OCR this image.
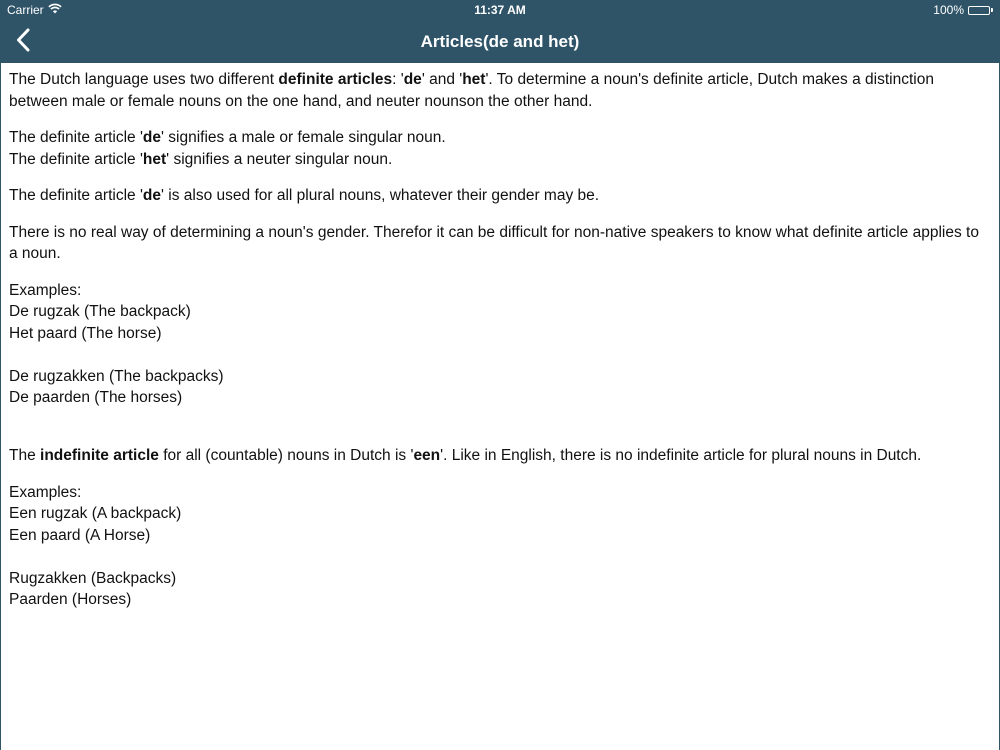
Carrier	11:37 AM	100%
Articles(de and het)

The Dutch language uses two different definite articles: 'de' and 'het'. To determine a noun's definite article, Dutch makes a distinction between male or female nouns on the one hand, and neuter nounson the other hand.

The definite article 'de' signifies a male or female singular noun.
The definite article 'het' signifies a neuter singular noun.

The definite article 'de' is also used for all plural nouns, whatever their gender may be.

There is no real way of determining a noun's gender. Therefor it can be difficult for non-native speakers to know what definite article applies to a noun.

Examples:
De rugzak (The backpack)
Het paard (The horse)
De rugzakken (The backpacks)
De paarden (The horses)

The indefinite article for all (countable) nouns in Dutch is 'een'. Like in English, there is no indefinite article for plural nouns in Dutch.

Examples:
Een rugzak (A backpack)
Een paard (A Horse)
Rugzakken (Backpacks)
Paarden (Horses)
